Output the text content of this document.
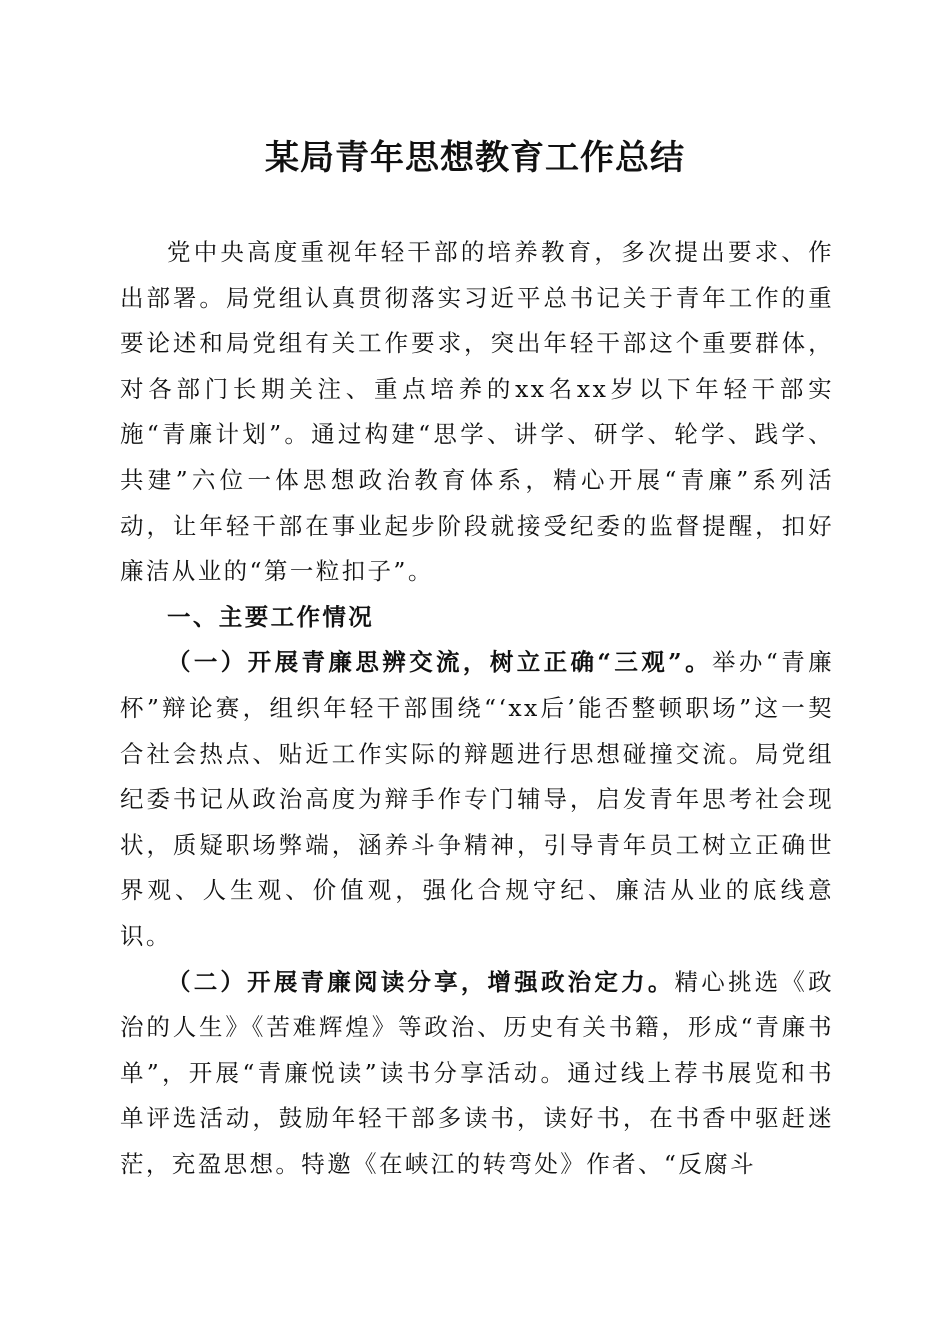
某局青年思想教育工作总结

党中央高度重视年轻干部的培养教育，多次提出要求、作出部署。局党组认真贯彻落实习近平总书记关于青年工作的重要论述和局党组有关工作要求，突出年轻干部这个重要群体，对各部门长期关注、重点培养的xx名xx岁以下年轻干部实施“青廉计划”。通过构建“思学、讲学、研学、轮学、践学、共建”六位一体思想政治教育体系，精心开展“青廉”系列活动，让年轻干部在事业起步阶段就接受纪委的监督提醒，扣好廉洁从业的“第一粒扣子”。

一、主要工作情况

（一）开展青廉思辨交流，树立正确“三观”。举办“青廉杯”辩论赛，组织年轻干部围绕“‘xx后’能否整顿职场”这一契合社会热点、贴近工作实际的辩题进行思想碰撞交流。局党组纪委书记从政治高度为辩手作专门辅导，启发青年思考社会现状，质疑职场弊端，涵养斗争精神，引导青年员工树立正确世界观、人生观、价值观，强化合规守纪、廉洁从业的底线意识。

（二）开展青廉阅读分享，增强政治定力。精心挑选《政治的人生》《苦难辉煌》等政治、历史有关书籍，形成“青廉书单”，开展“青廉悦读”读书分享活动。通过线上荐书展览和书单评选活动，鼓励年轻干部多读书，读好书，在书香中驱赶迷茫，充盈思想。特邀《在峡江的转弯处》作者、“反腐斗
